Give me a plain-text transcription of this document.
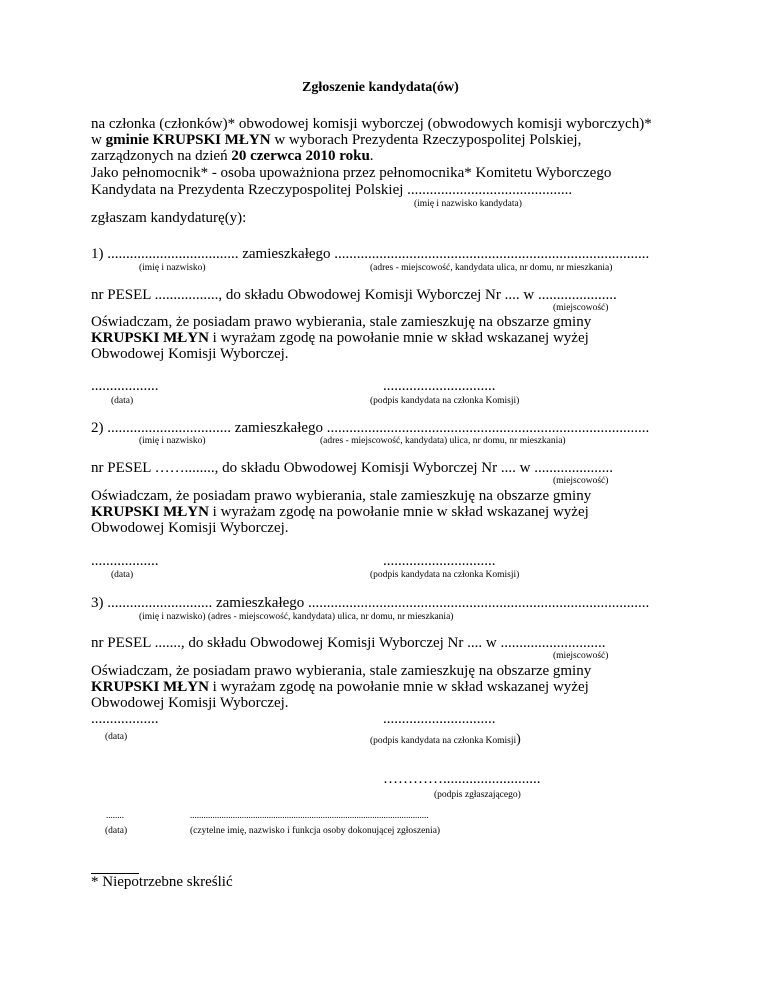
Zgłoszenie kandydata(ów)
na członka (członków)* obwodowej komisji wyborczej (obwodowych komisji wyborczych)*
w gminie KRUPSKI MŁYN w wyborach Prezydenta Rzeczypospolitej Polskiej,
zarządzonych na dzień 20 czerwca 2010 roku.
Jako pełnomocnik* - osoba upoważniona przez pełnomocnika* Komitetu Wyborczego
Kandydata na Prezydenta Rzeczypospolitej Polskiej ............................................
(imię i nazwisko kandydata)
zgłaszam kandydaturę(y):
1) ................................... zamieszkałego ....................................................................................
(imię i nazwisko)	(adres - miejscowość, kandydata ulica, nr domu, nr mieszkania)
nr PESEL ................., do składu Obwodowej Komisji Wyborczej Nr .... w .....................
(miejscowość)
Oświadczam, że posiadam prawo wybierania, stale zamieszkuję na obszarze gminy
KRUPSKI MŁYN i wyrażam zgodę na powołanie mnie w skład wskazanej wyżej
Obwodowej Komisji Wyborczej.
..................	..............................
(data)	(podpis kandydata na członka Komisji)
2) ................................. zamieszkałego ......................................................................................
(imię i nazwisko)	(adres - miejscowość, kandydata) ulica, nr domu, nr mieszkania)
nr PESEL ……........, do składu Obwodowej Komisji Wyborczej Nr .... w .....................
(miejscowość)
Oświadczam, że posiadam prawo wybierania, stale zamieszkuję na obszarze gminy
KRUPSKI MŁYN i wyrażam zgodę na powołanie mnie w skład wskazanej wyżej
Obwodowej Komisji Wyborczej.
..................	..............................
(data)	(podpis kandydata na członka Komisji)
3) ............................ zamieszkałego ...........................................................................................
(imię i nazwisko) (adres - miejscowość, kandydata) ulica, nr domu, nr mieszkania)
nr PESEL ......., do składu Obwodowej Komisji Wyborczej Nr .... w ............................
(miejscowość)
Oświadczam, że posiadam prawo wybierania, stale zamieszkuję na obszarze gminy
KRUPSKI MŁYN i wyrażam zgodę na powołanie mnie w skład wskazanej wyżej
Obwodowej Komisji Wyborczej.
..................	..............................
(data)	(podpis kandydata na członka Komisji)
…………..........................
(podpis zgłaszającego)
........	..........................................................................................................
(data)	(czytelne imię, nazwisko i funkcja osoby dokonującej zgłoszenia)
* Niepotrzebne skreślić
